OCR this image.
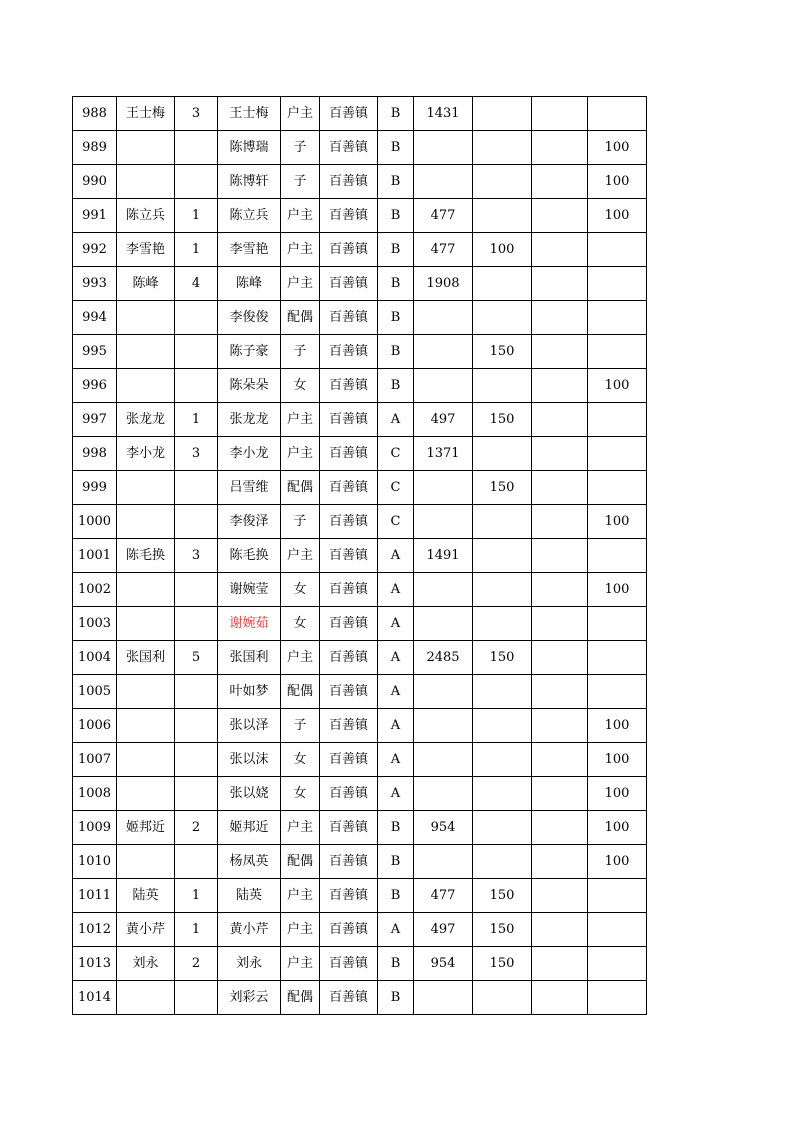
988	王士梅	3	王士梅	户主	百善镇	B	1431			
989			陈博瑞	子	百善镇	B				100
990			陈博轩	子	百善镇	B				100
991	陈立兵	1	陈立兵	户主	百善镇	B	477			100
992	李雪艳	1	李雪艳	户主	百善镇	B	477	100		
993	陈峰	4	陈峰	户主	百善镇	B	1908			
994			李俊俊	配偶	百善镇	B				
995			陈子豪	子	百善镇	B		150		
996			陈朵朵	女	百善镇	B				100
997	张龙龙	1	张龙龙	户主	百善镇	A	497	150		
998	李小龙	3	李小龙	户主	百善镇	C	1371			
999			吕雪维	配偶	百善镇	C		150		
1000			李俊泽	子	百善镇	C				100
1001	陈毛换	3	陈毛换	户主	百善镇	A	1491			
1002			谢婉莹	女	百善镇	A				100
1003			谢婉茹	女	百善镇	A				
1004	张国利	5	张国利	户主	百善镇	A	2485	150		
1005			叶如梦	配偶	百善镇	A				
1006			张以泽	子	百善镇	A				100
1007			张以沫	女	百善镇	A				100
1008			张以娆	女	百善镇	A				100
1009	姬邦近	2	姬邦近	户主	百善镇	B	954			100
1010			杨凤英	配偶	百善镇	B				100
1011	陆英	1	陆英	户主	百善镇	B	477	150		
1012	黄小芹	1	黄小芹	户主	百善镇	A	497	150		
1013	刘永	2	刘永	户主	百善镇	B	954	150		
1014			刘彩云	配偶	百善镇	B				
